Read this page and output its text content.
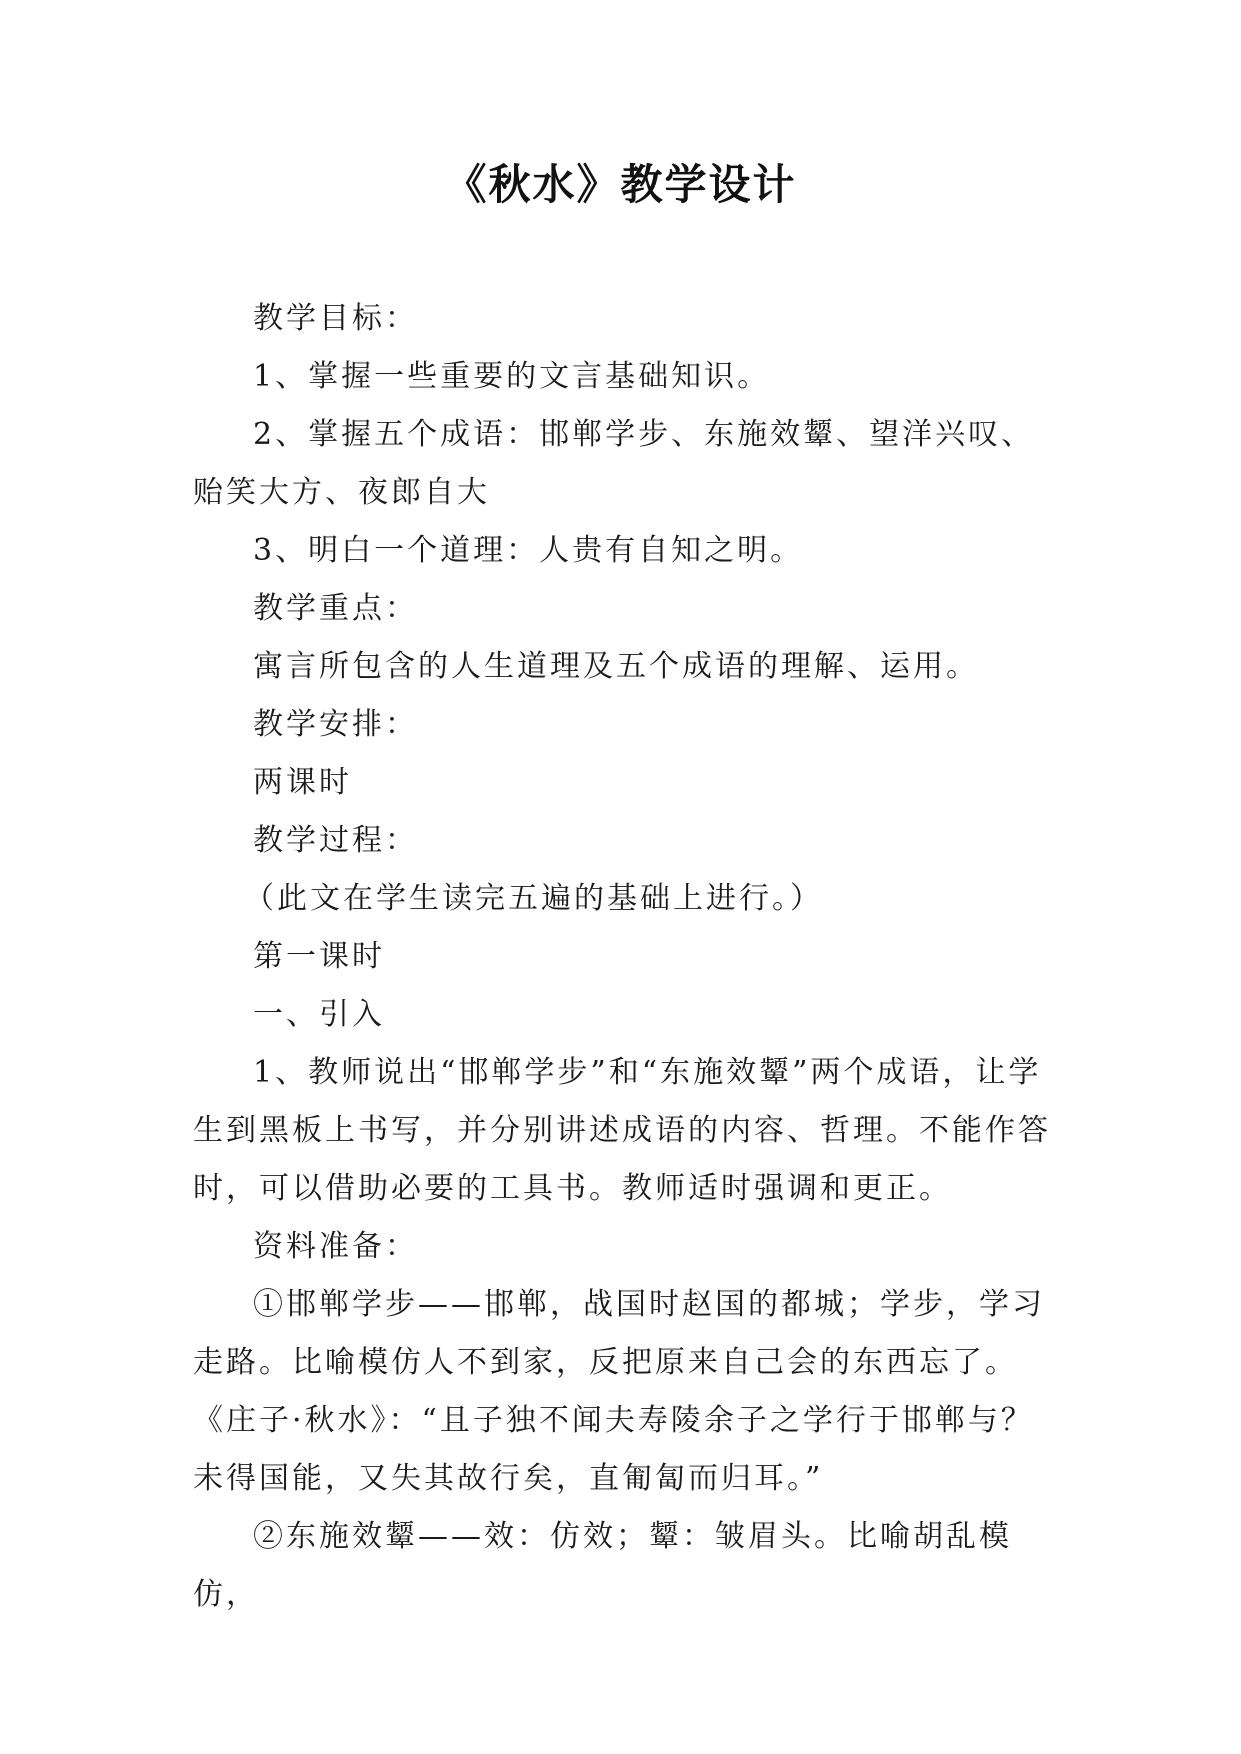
《秋水》教学设计

教学目标：

1、掌握一些重要的文言基础知识。

2、掌握五个成语：邯郸学步、东施效颦、望洋兴叹、贻笑大方、夜郎自大

3、明白一个道理：人贵有自知之明。

教学重点：

寓言所包含的人生道理及五个成语的理解、运用。

教学安排：

两课时

教学过程：

（此文在学生读完五遍的基础上进行。）

第一课时

一、引入

1、教师说出“邯郸学步”和“东施效颦”两个成语，让学生到黑板上书写，并分别讲述成语的内容、哲理。不能作答时，可以借助必要的工具书。教师适时强调和更正。

资料准备：

①邯郸学步——邯郸，战国时赵国的都城；学步，学习走路。比喻模仿人不到家，反把原来自己会的东西忘了。《庄子·秋水》：“且子独不闻夫寿陵余子之学行于邯郸与？未得国能，又失其故行矣，直匍匐而归耳。”

②东施效颦——效：仿效；颦：皱眉头。比喻胡乱模仿，
